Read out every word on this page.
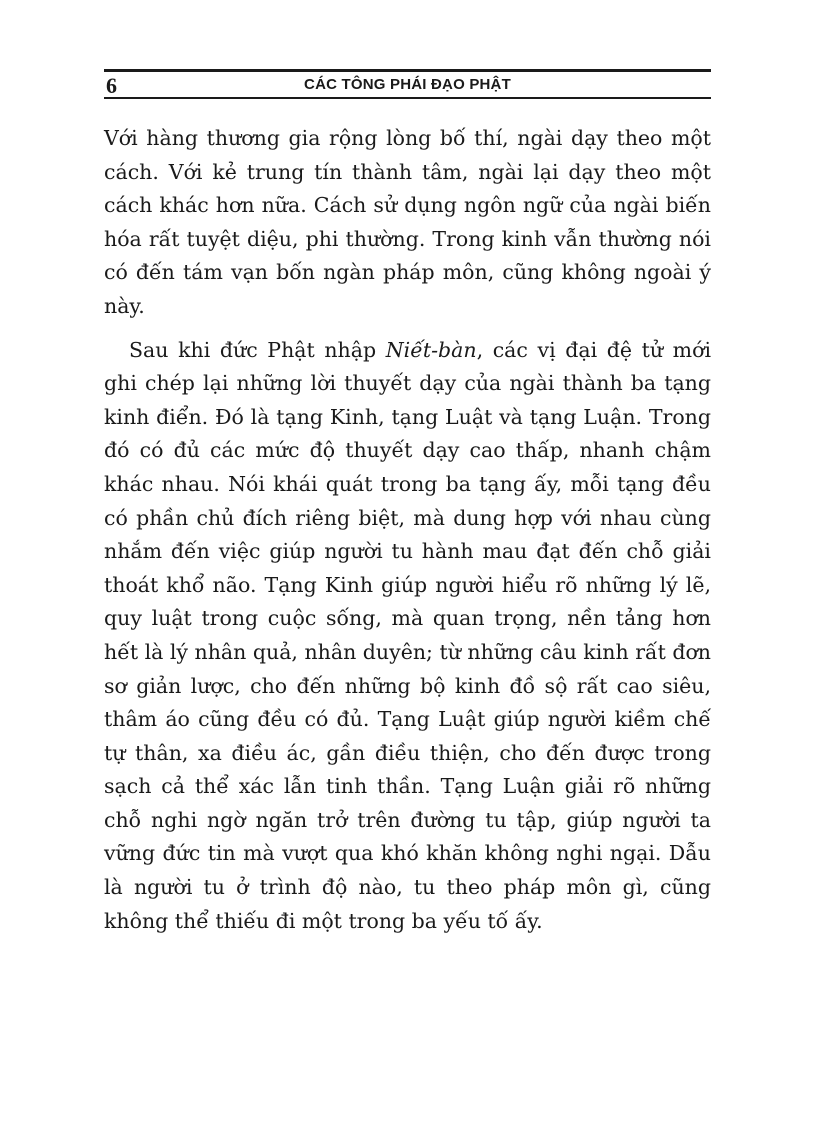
6	CÁC TÔNG PHÁI ĐẠO PHẬT

Với hàng thương gia rộng lòng bố thí, ngài dạy theo một cách. Với kẻ trung tín thành tâm, ngài lại dạy theo một cách khác hơn nữa. Cách sử dụng ngôn ngữ của ngài biến hóa rất tuyệt diệu, phi thường. Trong kinh vẫn thường nói có đến tám vạn bốn ngàn pháp môn, cũng không ngoài ý này.

Sau khi đức Phật nhập Niết-bàn, các vị đại đệ tử mới ghi chép lại những lời thuyết dạy của ngài thành ba tạng kinh điển. Đó là tạng Kinh, tạng Luật và tạng Luận. Trong đó có đủ các mức độ thuyết dạy cao thấp, nhanh chậm khác nhau. Nói khái quát trong ba tạng ấy, mỗi tạng đều có phần chủ đích riêng biệt, mà dung hợp với nhau cùng nhắm đến việc giúp người tu hành mau đạt đến chỗ giải thoát khổ não. Tạng Kinh giúp người hiểu rõ những lý lẽ, quy luật trong cuộc sống, mà quan trọng, nền tảng hơn hết là lý nhân quả, nhân duyên; từ những câu kinh rất đơn sơ giản lược, cho đến những bộ kinh đồ sộ rất cao siêu, thâm áo cũng đều có đủ. Tạng Luật giúp người kiềm chế tự thân, xa điều ác, gần điều thiện, cho đến được trong sạch cả thể xác lẫn tinh thần. Tạng Luận giải rõ những chỗ nghi ngờ ngăn trở trên đường tu tập, giúp người ta vững đức tin mà vượt qua khó khăn không nghi ngại. Dẫu là người tu ở trình độ nào, tu theo pháp môn gì, cũng không thể thiếu đi một trong ba yếu tố ấy.
